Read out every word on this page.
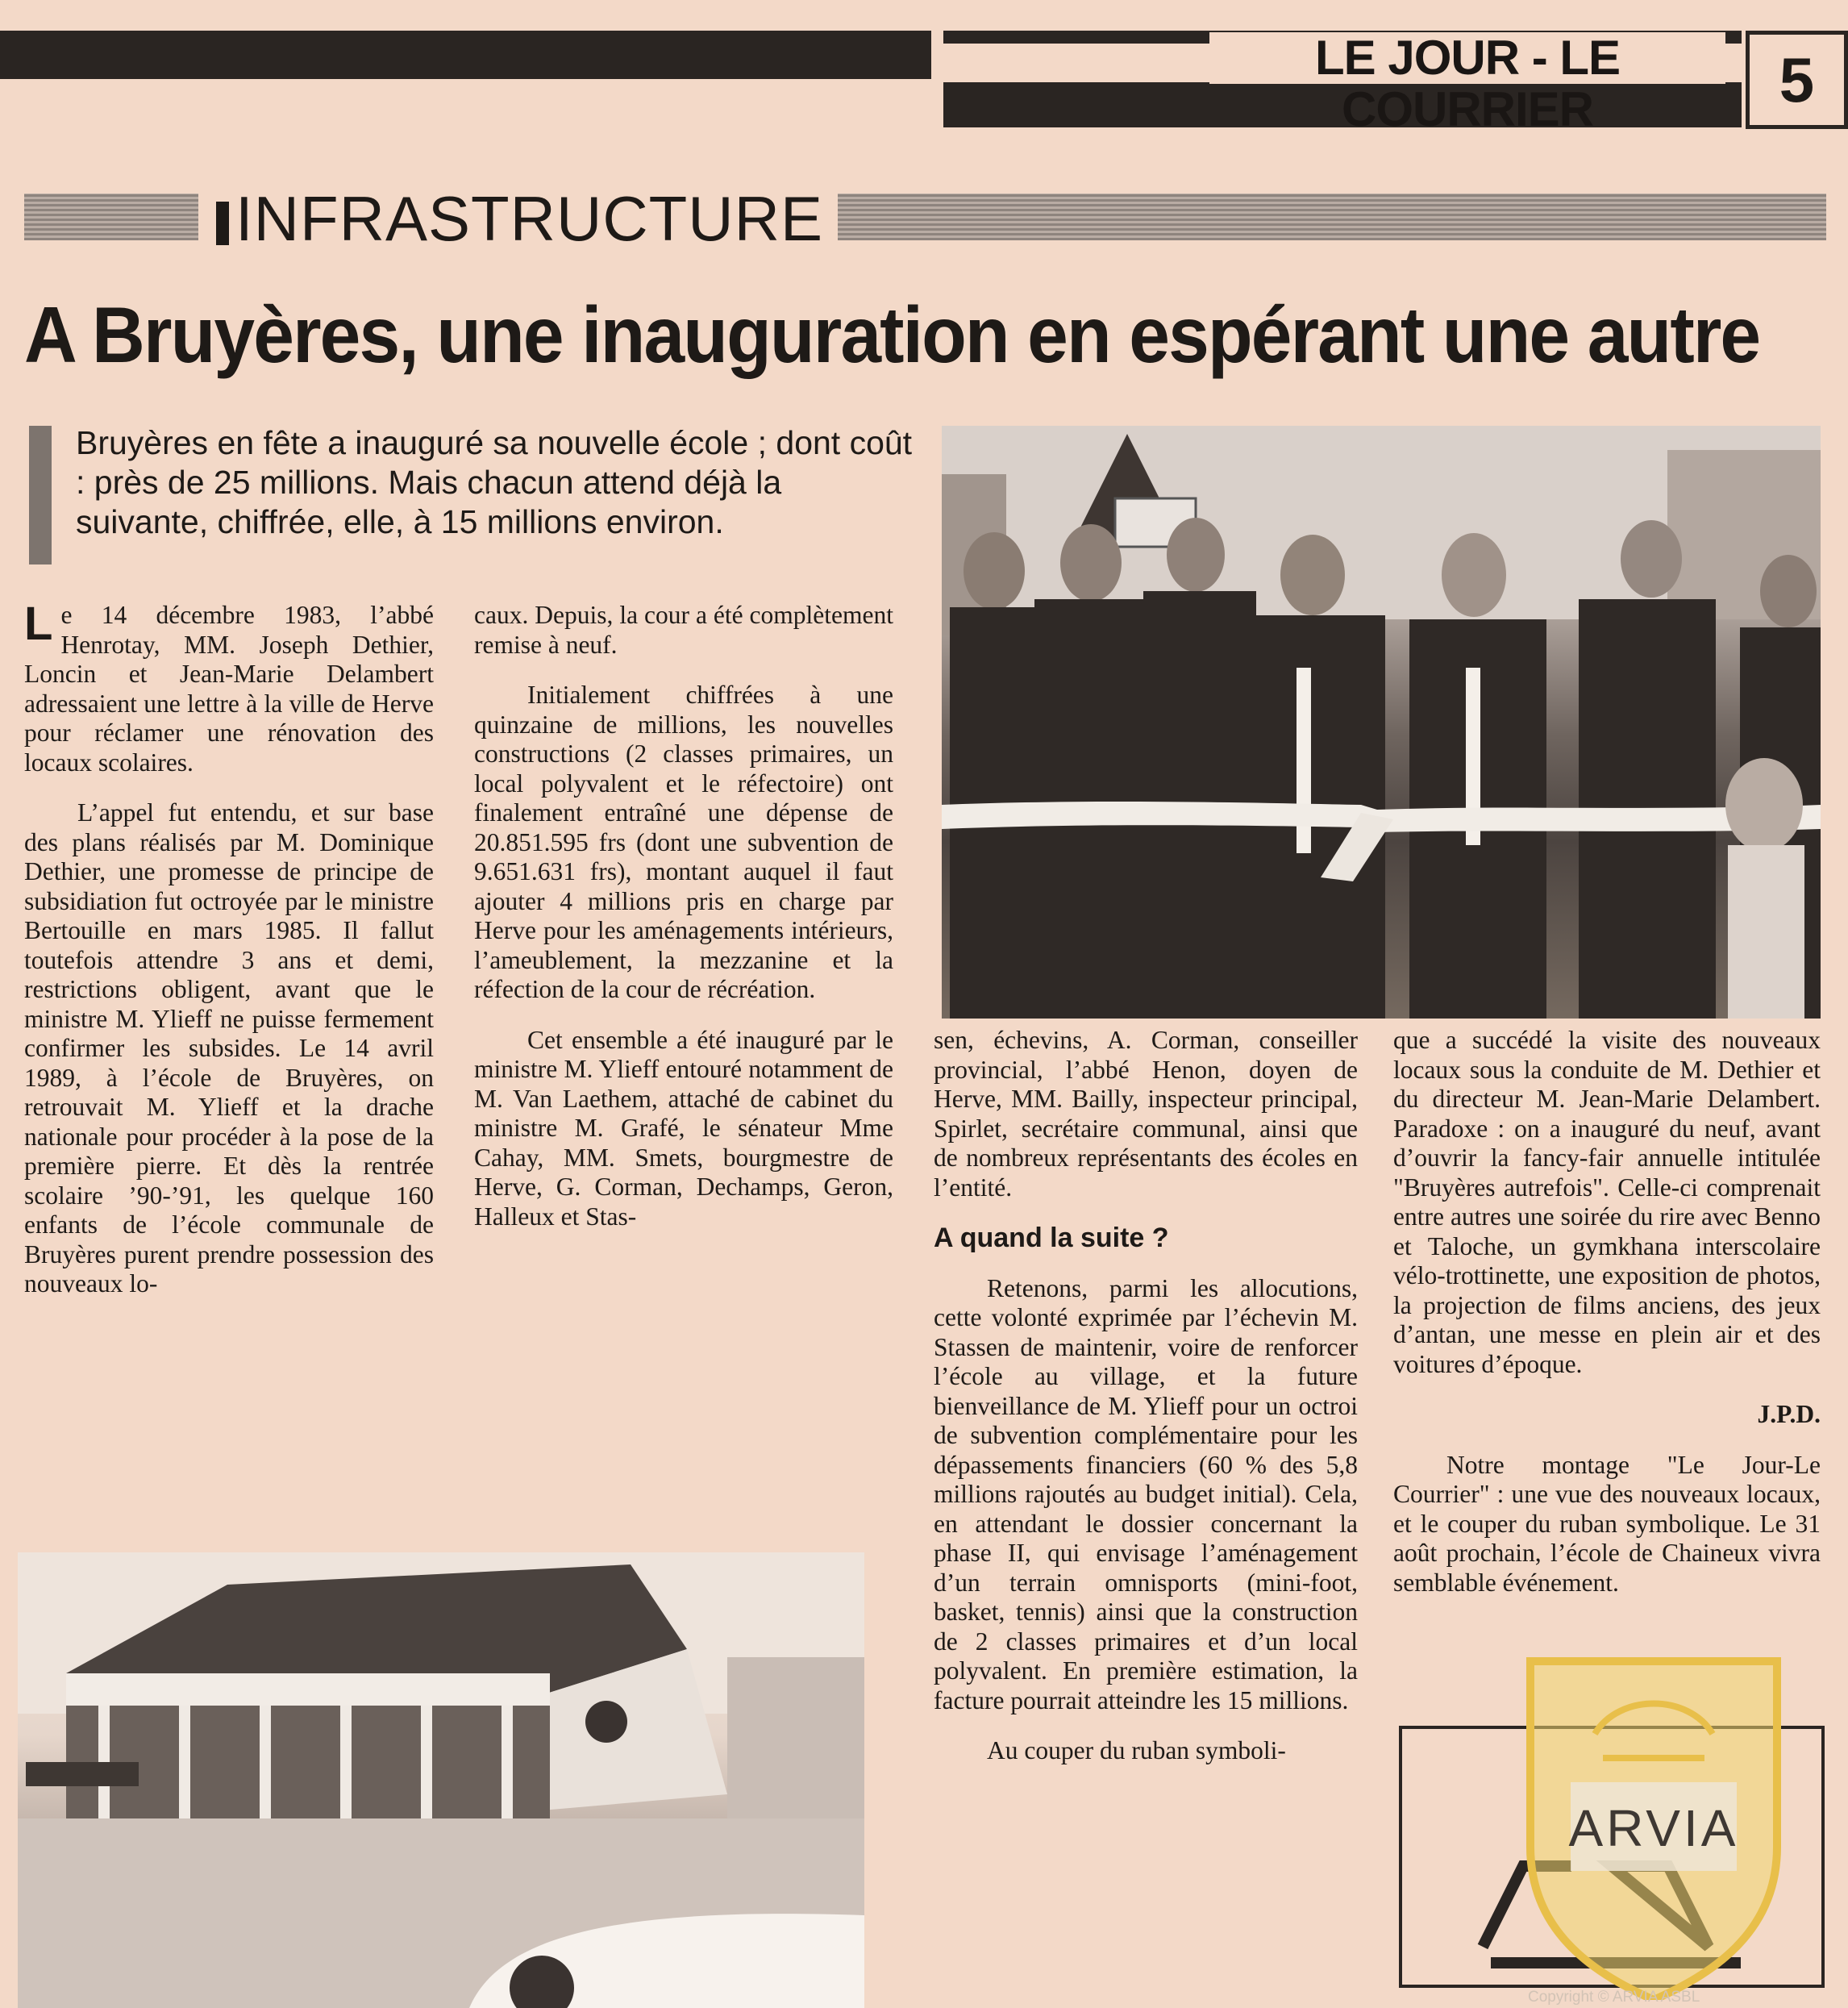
LE JOUR - LE COURRIER	5
INFRASTRUCTURE
A Bruyères, une inauguration en espérant une autre
Bruyères en fête a inauguré sa nouvelle école ; dont coût : près de 25 millions. Mais chacun attend déjà la suivante, chiffrée, elle, à 15 millions environ.

Le 14 décembre 1983, l’abbé Henrotay, MM. Joseph Dethier, Loncin et Jean-Marie Delambert adressaient une lettre à la ville de Herve pour réclamer une rénovation des locaux scolaires.

L’appel fut entendu, et sur base des plans réalisés par M. Dominique Dethier, une promesse de principe de subsidiation fut octroyée par le ministre Bertouille en mars 1985. Il fallut toutefois attendre 3 ans et demi, restrictions obligent, avant que le ministre M. Ylieff ne puisse fermement confirmer les subsides. Le 14 avril 1989, à l’école de Bruyères, on retrouvait M. Ylieff et la drache nationale pour procéder à la pose de la première pierre. Et dès la rentrée scolaire ’90-’91, les quelque 160 enfants de l’école communale de Bruyères purent prendre possession des nouveaux lo-

caux. Depuis, la cour a été complètement remise à neuf.

Initialement chiffrées à une quinzaine de millions, les nouvelles constructions (2 classes primaires, un local polyvalent et le réfectoire) ont finalement entraîné une dépense de 20.851.595 frs (dont une subvention de 9.651.631 frs), montant auquel il faut ajouter 4 millions pris en charge par Herve pour les aménagements intérieurs, l’ameublement, la mezzanine et la réfection de la cour de récréation.

Cet ensemble a été inauguré par le ministre M. Ylieff entouré notamment de M. Van Laethem, attaché de cabinet du ministre M. Grafé, le sénateur Mme Cahay, MM. Smets, bourgmestre de Herve, G. Corman, Dechamps, Geron, Halleux et Stas-

sen, échevins, A. Corman, conseiller provincial, l’abbé Henon, doyen de Herve, MM. Bailly, inspecteur principal, Spirlet, secrétaire communal, ainsi que de nombreux représentants des écoles en l’entité.

A quand la suite ?

Retenons, parmi les allocutions, cette volonté exprimée par l’échevin M. Stassen de maintenir, voire de renforcer l’école au village, et la future bienveillance de M. Ylieff pour un octroi de subvention complémentaire pour les dépassements financiers (60 % des 5,8 millions rajoutés au budget initial). Cela, en attendant le dossier concernant la phase II, qui envisage l’aménagement d’un terrain omnisports (mini-foot, basket, tennis) ainsi que la construction de 2 classes primaires et d’un local polyvalent. En première estimation, la facture pourrait atteindre les 15 millions.

Au couper du ruban symboli-

que a succédé la visite des nouveaux locaux sous la conduite de M. Dethier et du directeur M. Jean-Marie Delambert. Paradoxe : on a inauguré du neuf, avant d’ouvrir la fancy-fair annuelle intitulée "Bruyères autrefois". Celle-ci comprenait entre autres une soirée du rire avec Benno et Taloche, un gymkhana interscolaire vélo-trottinette, une exposition de photos, la projection de films anciens, des jeux d’antan, une messe en plein air et des voitures d’époque.

J.P.D.

Notre montage "Le Jour-Le Courrier" : une vue des nouveaux locaux, et le couper du ruban symbolique. Le 31 août prochain, l’école de Chaineux vivra semblable événement.

ARVIA
Copyright © ARVIA ASBL
